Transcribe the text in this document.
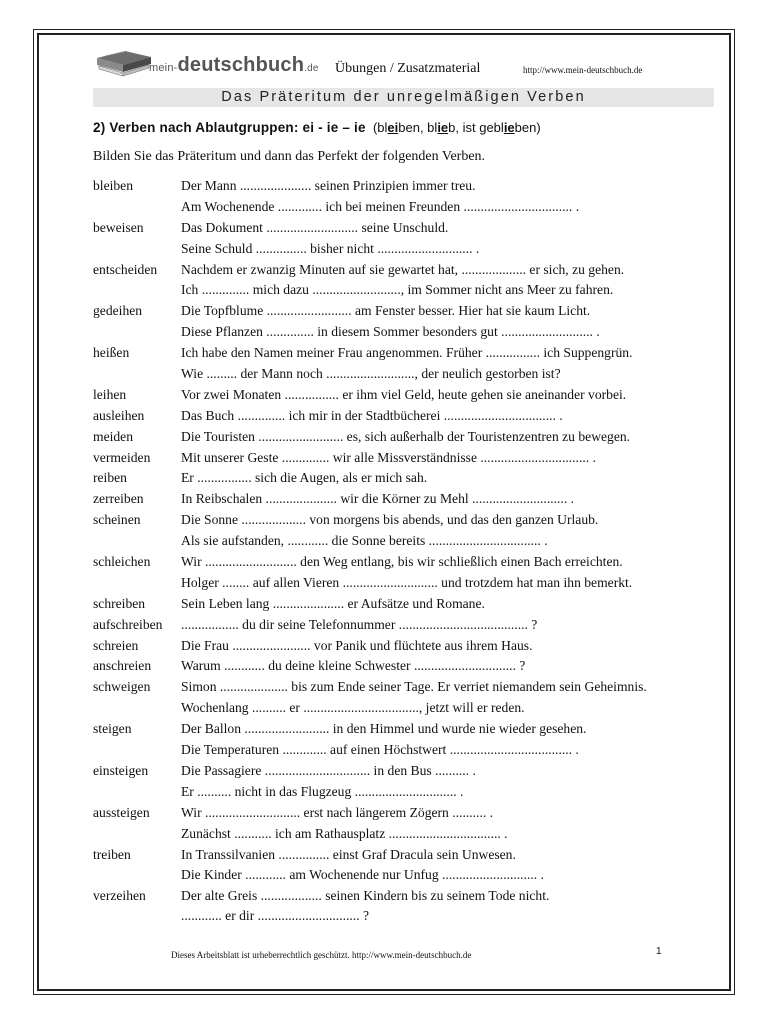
mein-deutschbuch.de Übungen / Zusatzmaterial	http://www.mein-deutschbuch.de
Das Präteritum der unregelmäßigen Verben
2) Verben nach Ablautgruppen: ei - ie – ie (bleiben, blieb, ist geblieben)
Bilden Sie das Präteritum und dann das Perfekt der folgenden Verben.
bleiben	Der Mann ..................... seinen Prinzipien immer treu.
Am Wochenende ............. ich bei meinen Freunden ................................ .
beweisen	Das Dokument ........................... seine Unschuld.
Seine Schuld ............... bisher nicht ............................ .
entscheiden Nachdem er zwanzig Minuten auf sie gewartet hat, ................... er sich, zu gehen.
Ich .............. mich dazu .........................., im Sommer nicht ans Meer zu fahren.
gedeihen	Die Topfblume ......................... am Fenster besser. Hier hat sie kaum Licht.
Diese Pflanzen .............. in diesem Sommer besonders gut ........................... .
heißen	Ich habe den Namen meiner Frau angenommen. Früher ................ ich Suppengrün.
Wie ......... der Mann noch .........................., der neulich gestorben ist?
leihen	Vor zwei Monaten ................ er ihm viel Geld, heute gehen sie aneinander vorbei.
ausleihen	Das Buch .............. ich mir in der Stadtbücherei ................................. .
meiden	Die Touristen ......................... es, sich außerhalb der Touristenzentren zu bewegen.
vermeiden Mit unserer Geste .............. wir alle Missverständnisse ................................ .
reiben	Er ................ sich die Augen, als er mich sah.
zerreiben	In Reibschalen ..................... wir die Körner zu Mehl ............................ .
scheinen	Die Sonne ................... von morgens bis abends, und das den ganzen Urlaub.
Als sie aufstanden, ............ die Sonne bereits ................................. .
schleichen Wir ........................... den Weg entlang, bis wir schließlich einen Bach erreichten.
Holger ........ auf allen Vieren ............................ und trotzdem hat man ihn bemerkt.
schreiben	Sein Leben lang ..................... er Aufsätze und Romane.
aufschreiben ................. du dir seine Telefonnummer ...................................... ?
schreien	Die Frau ....................... vor Panik und flüchtete aus ihrem Haus.
anschreien Warum ............ du deine kleine Schwester .............................. ?
schweigen Simon .................... bis zum Ende seiner Tage. Er verriet niemandem sein Geheimnis.
Wochenlang .......... er .................................., jetzt will er reden.
steigen	Der Ballon ......................... in den Himmel und wurde nie wieder gesehen.
Die Temperaturen ............. auf einen Höchstwert .................................... .
einsteigen Die Passagiere ............................... in den Bus .......... .
Er .......... nicht in das Flugzeug .............................. .
aussteigen Wir ............................ erst nach längerem Zögern .......... .
Zunächst ........... ich am Rathausplatz ................................. .
treiben	In Transsilvanien ............... einst Graf Dracula sein Unwesen.
Die Kinder ............ am Wochenende nur Unfug ............................ .
verzeihen	Der alte Greis .................. seinen Kindern bis zu seinem Tode nicht.
............ er dir .............................. ?
Dieses Arbeitsblatt ist urheberrechtlich geschützt. http://www.mein-deutschbuch.de	1
